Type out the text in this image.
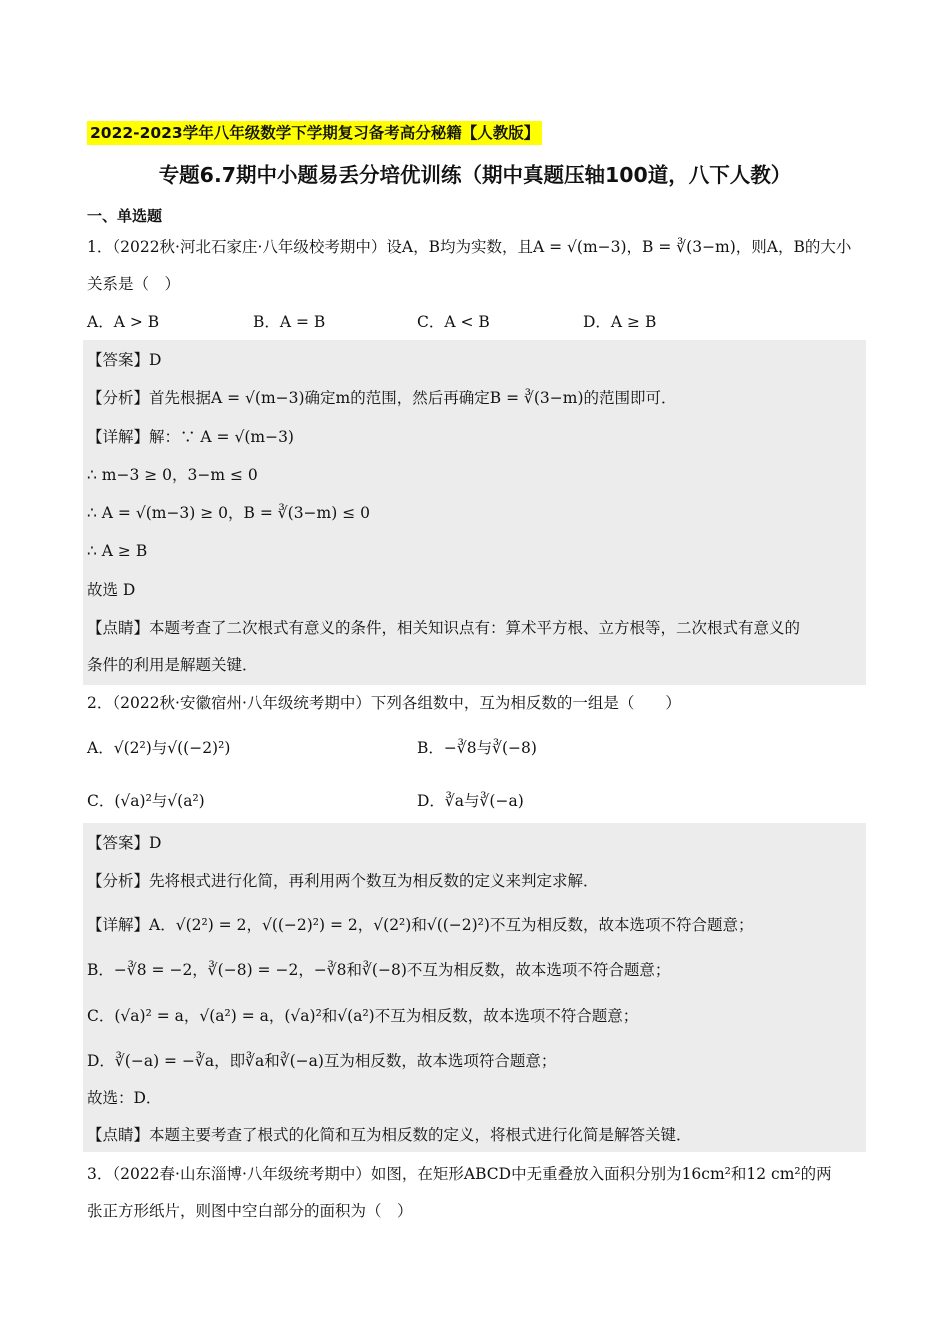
2022-2023学年八年级数学下学期复习备考高分秘籍【人教版】
专题6.7期中小题易丢分培优训练（期中真题压轴100道，八下人教）
一、单选题
1．（2022秋·河北石家庄·八年级校考期中）设A，B均为实数，且A = √(m−3)，B = ∛(3−m)，则A，B的大小
关系是（　）
A．A > B	B．A = B	C．A < B	D．A ≥ B
【答案】D
【分析】首先根据A = √(m−3)确定m的范围，然后再确定B = ∛(3−m)的范围即可．
【详解】解：∵ A = √(m−3)
∴ m−3 ≥ 0，3−m ≤ 0
∴ A = √(m−3) ≥ 0，B = ∛(3−m) ≤ 0
∴ A ≥ B
故选 D
【点睛】本题考查了二次根式有意义的条件，相关知识点有：算术平方根、立方根等，二次根式有意义的
条件的利用是解题关键．
2．（2022秋·安徽宿州·八年级统考期中）下列各组数中，互为相反数的一组是（　　）
A．√(2²)与√((−2)²)	B．−∛8与∛(−8)
C．(√a)²与√(a²)	D．∛a与∛(−a)
【答案】D
【分析】先将根式进行化简，再利用两个数互为相反数的定义来判定求解．
【详解】A．√(2²) = 2，√((−2)²) = 2，√(2²)和√((−2)²)不互为相反数，故本选项不符合题意；
B．−∛8 = −2，∛(−8) = −2，−∛8和∛(−8)不互为相反数，故本选项不符合题意；
C．(√a)² = a，√(a²) = a，(√a)²和√(a²)不互为相反数，故本选项不符合题意；
D．∛(−a) = −∛a，即∛a和∛(−a)互为相反数，故本选项符合题意；
故选：D．
【点睛】本题主要考查了根式的化简和互为相反数的定义，将根式进行化简是解答关键．
3．（2022春·山东淄博·八年级统考期中）如图，在矩形ABCD中无重叠放入面积分别为16cm²和12 cm²的两
张正方形纸片，则图中空白部分的面积为（　）
